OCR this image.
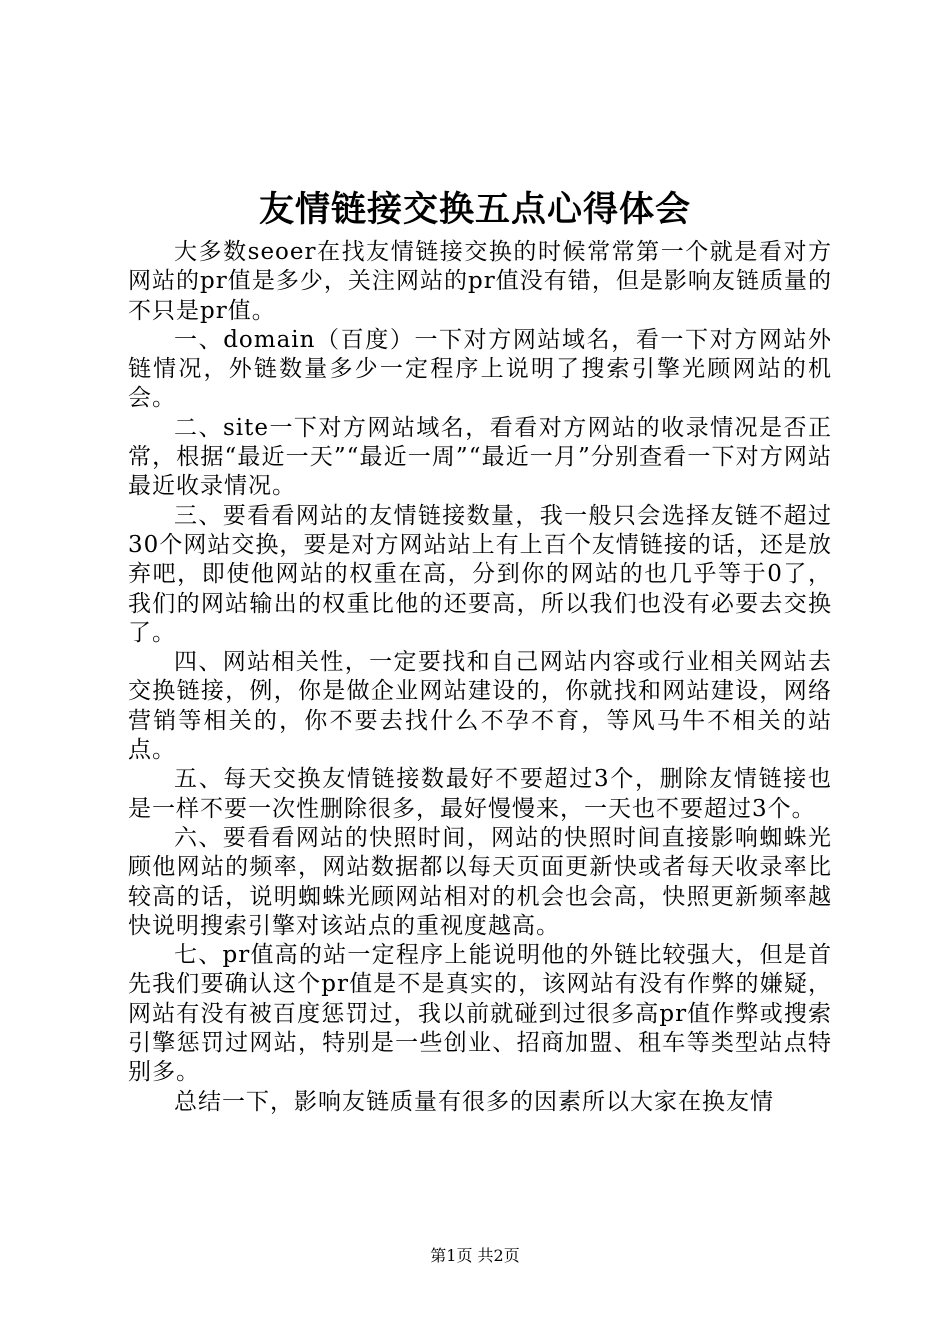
友情链接交换五点心得体会

大多数seoer在找友情链接交换的时候常常第一个就是看对方网站的pr值是多少，关注网站的pr值没有错，但是影响友链质量的不只是pr值。

一、domain（百度）一下对方网站域名，看一下对方网站外链情况，外链数量多少一定程序上说明了搜索引擎光顾网站的机会。

二、site一下对方网站域名，看看对方网站的收录情况是否正常，根据“最近一天”“最近一周”“最近一月”分别查看一下对方网站最近收录情况。

三、要看看网站的友情链接数量，我一般只会选择友链不超过30个网站交换，要是对方网站站上有上百个友情链接的话，还是放弃吧，即使他网站的权重在高，分到你的网站的也几乎等于0了，我们的网站输出的权重比他的还要高，所以我们也没有必要去交换了。

四、网站相关性，一定要找和自己网站内容或行业相关网站去交换链接，例，你是做企业网站建设的，你就找和网站建设，网络营销等相关的，你不要去找什么不孕不育，等风马牛不相关的站点。

五、每天交换友情链接数最好不要超过3个，删除友情链接也是一样不要一次性删除很多，最好慢慢来，一天也不要超过3个。

六、要看看网站的快照时间，网站的快照时间直接影响蜘蛛光顾他网站的频率，网站数据都以每天页面更新快或者每天收录率比较高的话，说明蜘蛛光顾网站相对的机会也会高，快照更新频率越快说明搜索引擎对该站点的重视度越高。

七、pr值高的站一定程序上能说明他的外链比较强大，但是首先我们要确认这个pr值是不是真实的，该网站有没有作弊的嫌疑，网站有没有被百度惩罚过，我以前就碰到过很多高pr值作弊或搜索引擎惩罚过网站，特别是一些创业、招商加盟、租车等类型站点特别多。

总结一下，影响友链质量有很多的因素所以大家在换友情

第1页 共2页
